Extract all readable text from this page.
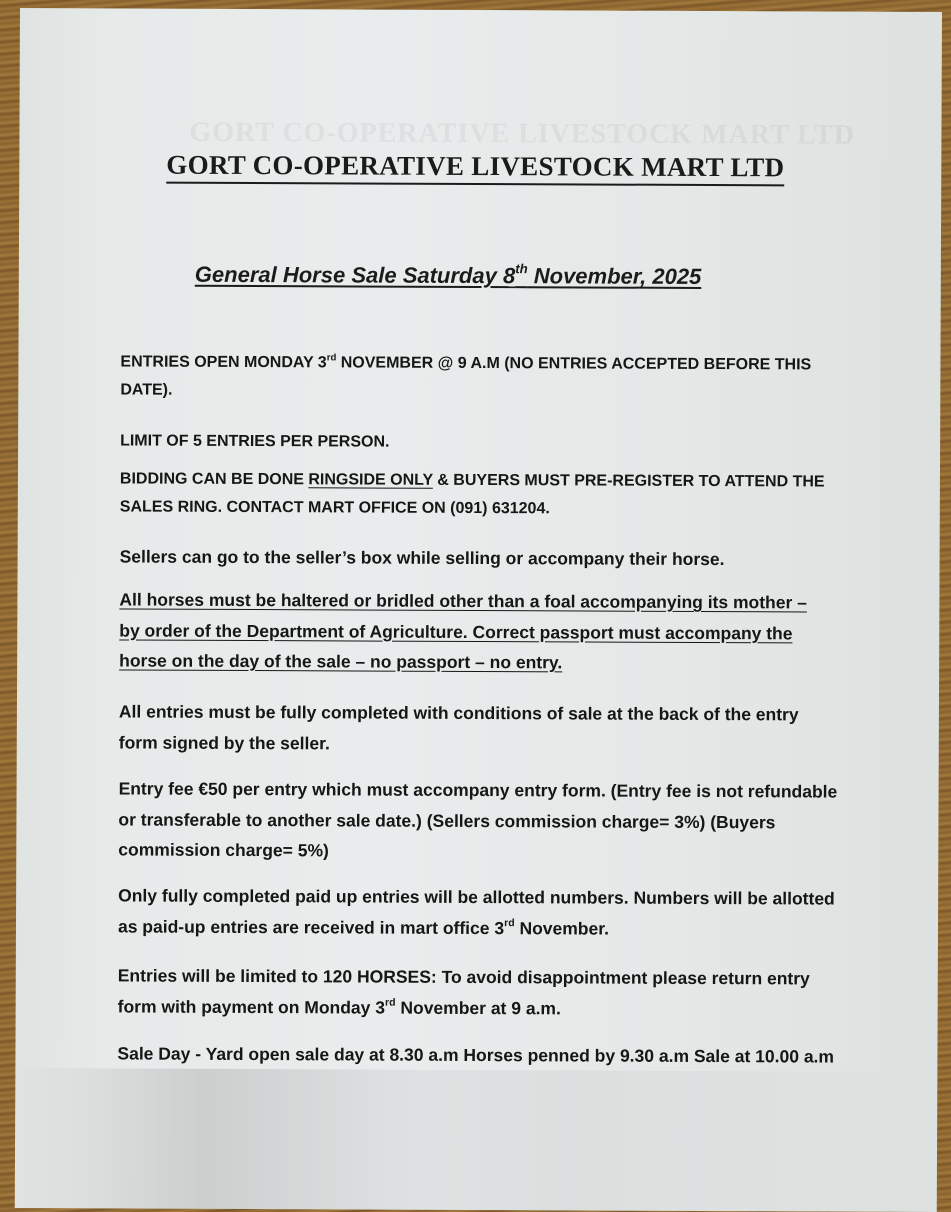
GORT CO-OPERATIVE LIVESTOCK MART LTD
GORT CO-OPERATIVE LIVESTOCK MART LTD
General Horse Sale Saturday 8th November, 2025
ENTRIES OPEN MONDAY 3rd NOVEMBER @ 9 A.M (NO ENTRIES ACCEPTED BEFORE THIS DATE).
LIMIT OF 5 ENTRIES PER PERSON.
BIDDING CAN BE DONE RINGSIDE ONLY & BUYERS MUST PRE-REGISTER TO ATTEND THE SALES RING. CONTACT MART OFFICE ON (091) 631204.
Sellers can go to the seller’s box while selling or accompany their horse.
All horses must be haltered or bridled other than a foal accompanying its mother – by order of the Department of Agriculture. Correct passport must accompany the horse on the day of the sale – no passport – no entry.
All entries must be fully completed with conditions of sale at the back of the entry form signed by the seller.
Entry fee €50 per entry which must accompany entry form. (Entry fee is not refundable or transferable to another sale date.) (Sellers commission charge= 3%) (Buyers commission charge= 5%)
Only fully completed paid up entries will be allotted numbers. Numbers will be allotted as paid-up entries are received in mart office 3rd November.
Entries will be limited to 120 HORSES: To avoid disappointment please return entry form with payment on Monday 3rd November at 9 a.m.
Sale Day - Yard open sale day at 8.30 a.m Horses penned by 9.30 a.m Sale at 10.00 a.m
